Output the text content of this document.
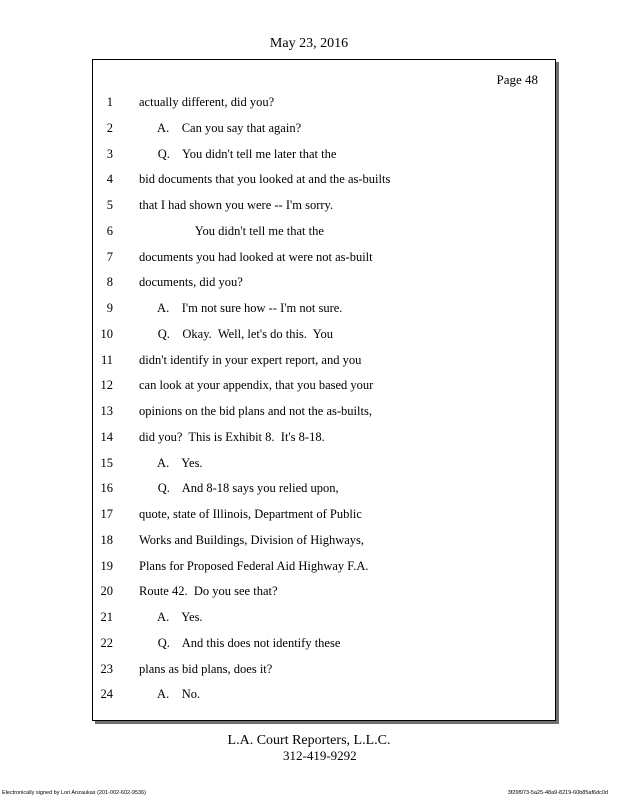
May 23, 2016
Page 48
1 actually different, did you?
2 A.    Can you say that again?
3 Q.    You didn't tell me later that the
4 bid documents that you looked at and the as-builts
5 that I had shown you were -- I'm sorry.
6 You didn't tell me that the
7 documents you had looked at were not as-built
8 documents, did you?
9 A.    I'm not sure how -- I'm not sure.
10 Q.    Okay.  Well, let's do this.  You
11 didn't identify in your expert report, and you
12 can look at your appendix, that you based your
13 opinions on the bid plans and not the as-builts,
14 did you?  This is Exhibit 8.  It's 8-18.
15 A.    Yes.
16 Q.    And 8-18 says you relied upon,
17 quote, state of Illinois, Department of Public
18 Works and Buildings, Division of Highways,
19 Plans for Proposed Federal Aid Highway F.A.
20 Route 42.  Do you see that?
21 A.    Yes.
22 Q.    And this does not identify these
23 plans as bid plans, does it?
24 A.    No.
L.A. Court Reporters, L.L.C.
312-419-9292
Electronically signed by Lori Anzaukas (201-002-602-9536)	3f26f973-5a25-48a9-8219-60b85af6dc0d
